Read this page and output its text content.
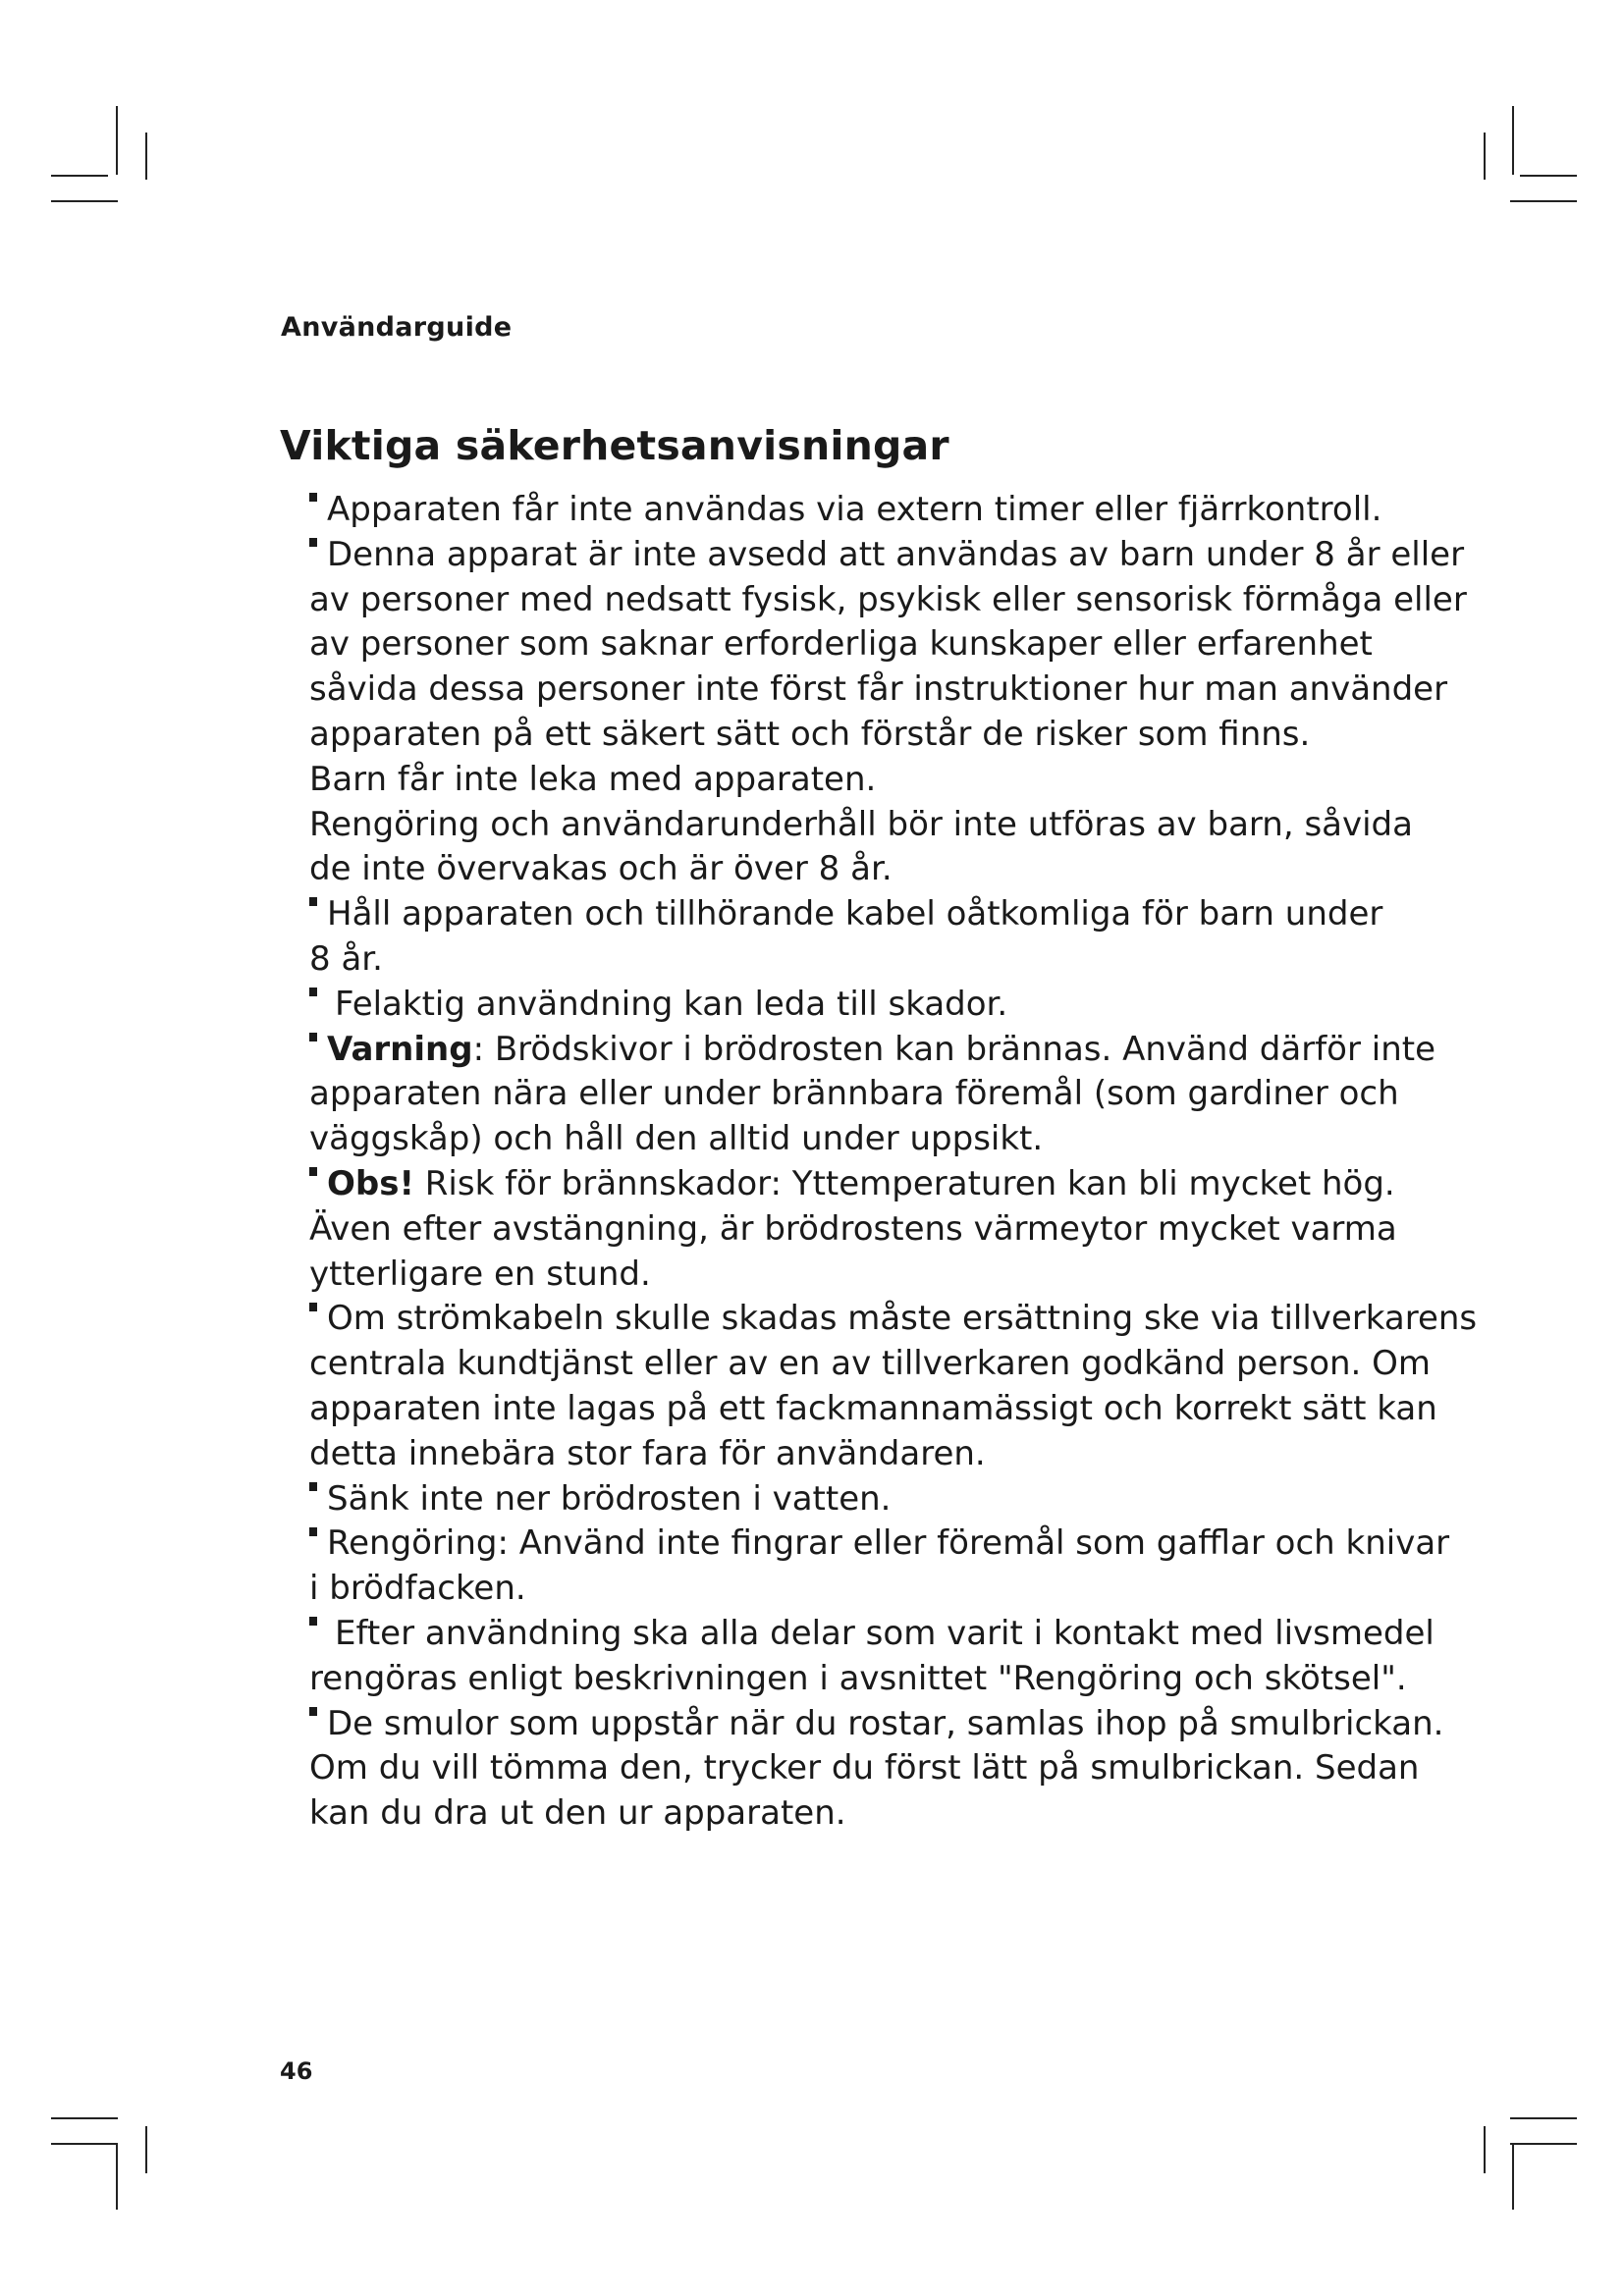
Användarguide
Viktiga säkerhetsanvisningar
Apparaten får inte användas via extern timer eller fjärrkontroll.
Denna apparat är inte avsedd att användas av barn under 8 år eller
av personer med nedsatt fysisk, psykisk eller sensorisk förmåga eller
av personer som saknar erforderliga kunskaper eller erfarenhet
såvida dessa personer inte först får instruktioner hur man använder
apparaten på ett säkert sätt och förstår de risker som finns.
Barn får inte leka med apparaten.
Rengöring och användarunderhåll bör inte utföras av barn, såvida
de inte övervakas och är över 8 år.
Håll apparaten och tillhörande kabel oåtkomliga för barn under
8 år.
Felaktig användning kan leda till skador.
Varning: Brödskivor i brödrosten kan brännas. Använd därför inte
apparaten nära eller under brännbara föremål (som gardiner och
väggskåp) och håll den alltid under uppsikt.
Obs! Risk för brännskador: Yttemperaturen kan bli mycket hög.
Även efter avstängning, är brödrostens värmeytor mycket varma
ytterligare en stund.
Om strömkabeln skulle skadas måste ersättning ske via tillverkarens
centrala kundtjänst eller av en av tillverkaren godkänd person. Om
apparaten inte lagas på ett fackmannamässigt och korrekt sätt kan
detta innebära stor fara för användaren.
Sänk inte ner brödrosten i vatten.
Rengöring: Använd inte fingrar eller föremål som gafflar och knivar
i brödfacken.
Efter användning ska alla delar som varit i kontakt med livsmedel
rengöras enligt beskrivningen i avsnittet "Rengöring och skötsel".
De smulor som uppstår när du rostar, samlas ihop på smulbrickan.
Om du vill tömma den, trycker du först lätt på smulbrickan. Sedan
kan du dra ut den ur apparaten.
46
